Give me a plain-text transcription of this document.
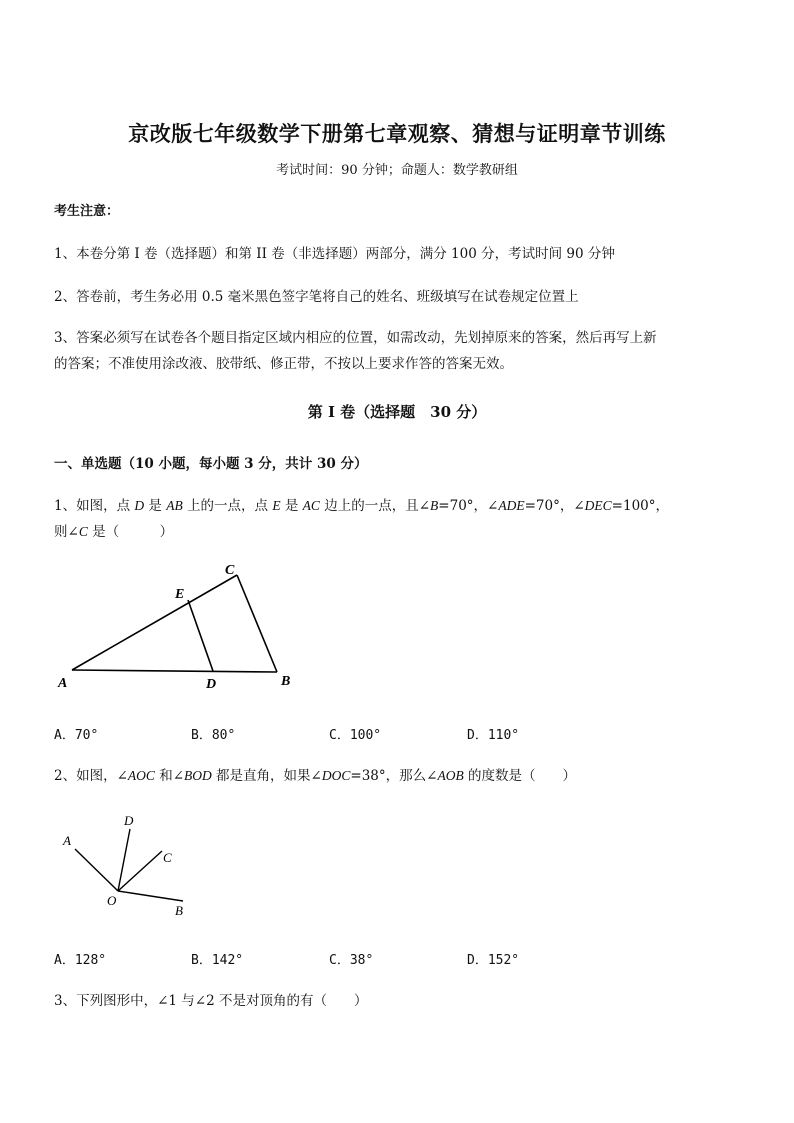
京改版七年级数学下册第七章观察、猜想与证明章节训练
考试时间：90 分钟；命题人：数学教研组
考生注意：
1、本卷分第 I 卷（选择题）和第 II 卷（非选择题）两部分，满分 100 分，考试时间 90 分钟
2、答卷前，考生务必用 0.5 毫米黑色签字笔将自己的姓名、班级填写在试卷规定位置上
3、答案必须写在试卷各个题目指定区域内相应的位置，如需改动，先划掉原来的答案，然后再写上新
的答案；不准使用涂改液、胶带纸、修正带，不按以上要求作答的答案无效。
第 I 卷（选择题　30 分）
一、单选题（10 小题，每小题 3 分，共计 30 分）
1、如图，点 D 是 AB 上的一点，点 E 是 AC 边上的一点，且∠B=70°，∠ADE=70°，∠DEC=100°，
则∠C 是（　　　）
A	B
C
D
E
A．70°	B．80°	C．100°	D．110°
2、如图，∠AOC 和∠BOD 都是直角，如果∠DOC=38°，那么∠AOB 的度数是（　　）
A
D
C
B
O
A．128°	B．142°	C．38°	D．152°
3、下列图形中，∠1 与∠2 不是对顶角的有（　　）
